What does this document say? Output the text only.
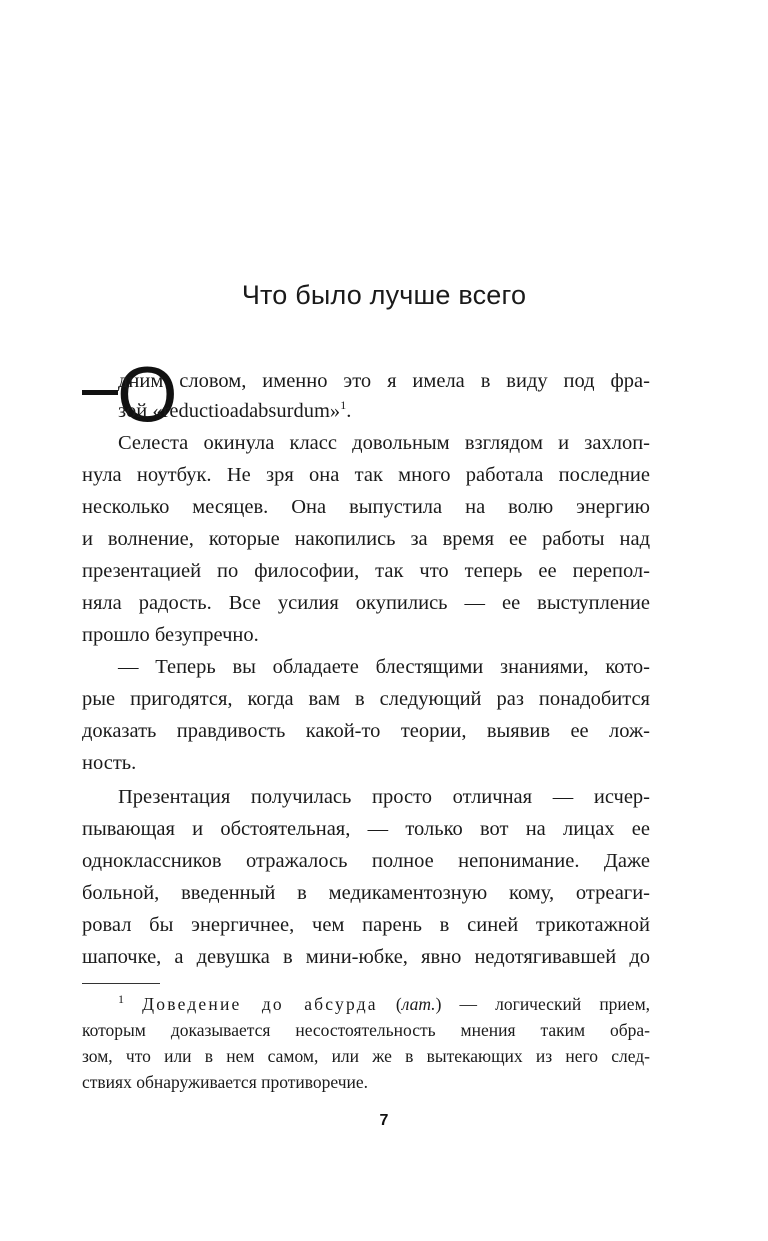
Что было лучше всего
О
дним словом, именно это я имела в виду под фра-
зой «reductioadabsurdum»$^1$.
Селеста окинула класс довольным взглядом и захлоп-
нула ноутбук. Не зря она так много работала последние
несколько месяцев. Она выпустила на волю энергию
и волнение, которые накопились за время ее работы над
презентацией по философии, так что теперь ее перепол-
няла радость. Все усилия окупились — ее выступление
прошло безупречно.
— Теперь вы обладаете блестящими знаниями, кото-
рые пригодятся, когда вам в следующий раз понадобится
доказать правдивость какой-то теории, выявив ее лож-
ность.
Презентация получилась просто отличная — исчер-
пывающая и обстоятельная, — только вот на лицах ее
одноклассников отражалось полное непонимание. Даже
больной, введенный в медикаментозную кому, отреаги-
ровал бы энергичнее, чем парень в синей трикотажной
шапочке, а девушка в мини-юбке, явно недотягивавшей до
$^1$ Доведение до абсурда (лат.) — логический прием,
которым доказывается несостоятельность мнения таким обра-
зом, что или в нем самом, или же в вытекающих из него след-
ствиях обнаруживается противоречие.
7
